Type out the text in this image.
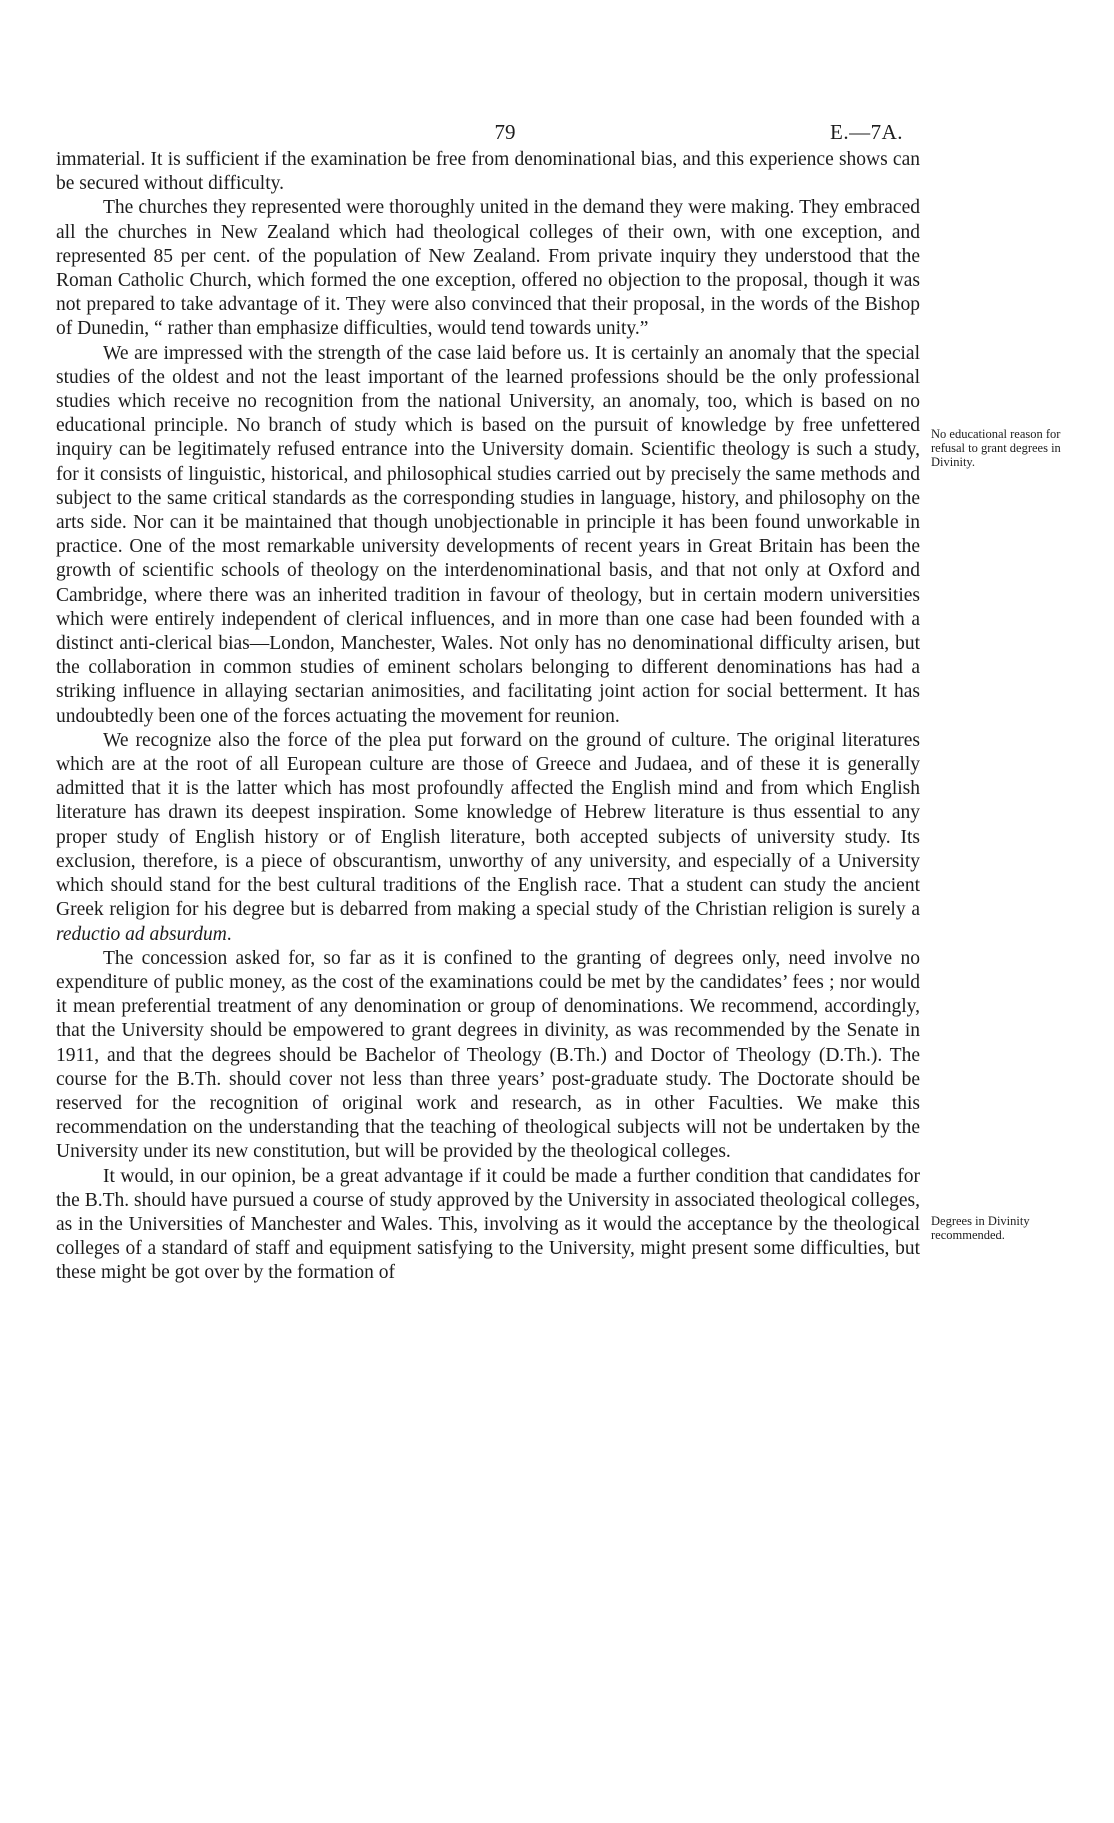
79	E.—7A.

immaterial. It is sufficient if the examination be free from denominational bias, and this experience shows can be secured without difficulty.

The churches they represented were thoroughly united in the demand they were making. They embraced all the churches in New Zealand which had theological colleges of their own, with one exception, and represented 85 per cent. of the population of New Zealand. From private inquiry they understood that the Roman Catholic Church, which formed the one exception, offered no objection to the proposal, though it was not prepared to take advantage of it. They were also convinced that their proposal, in the words of the Bishop of Dunedin, “ rather than emphasize difficulties, would tend towards unity.”

We are impressed with the strength of the case laid before us. It is certainly an anomaly that the special studies of the oldest and not the least important of the learned professions should be the only professional studies which receive no recognition from the national University, an anomaly, too, which is based on no educational principle. No branch of study which is based on the pursuit of knowledge by free unfettered inquiry can be legitimately refused entrance into the University domain. Scientific theology is such a study, for it consists of linguistic, historical, and philosophical studies carried out by precisely the same methods and subject to the same critical standards as the corresponding studies in language, history, and philosophy on the arts side. Nor can it be maintained that though unobjectionable in principle it has been found unworkable in practice. One of the most remarkable university developments of recent years in Great Britain has been the growth of scientific schools of theology on the interdenominational basis, and that not only at Oxford and Cambridge, where there was an inherited tradition in favour of theology, but in certain modern universities which were entirely independent of clerical influences, and in more than one case had been founded with a distinct anti-clerical bias—London, Manchester, Wales. Not only has no denominational difficulty arisen, but the collaboration in common studies of eminent scholars belonging to different denominations has had a striking influence in allaying sectarian animosities, and facilitating joint action for social betterment. It has undoubtedly been one of the forces actuating the movement for reunion.

We recognize also the force of the plea put forward on the ground of culture. The original literatures which are at the root of all European culture are those of Greece and Judaea, and of these it is generally admitted that it is the latter which has most profoundly affected the English mind and from which English literature has drawn its deepest inspiration. Some knowledge of Hebrew literature is thus essential to any proper study of English history or of English literature, both accepted subjects of university study. Its exclusion, therefore, is a piece of obscurantism, unworthy of any university, and especially of a University which should stand for the best cultural traditions of the English race. That a student can study the ancient Greek religion for his degree but is debarred from making a special study of the Christian religion is surely a reductio ad absurdum.

The concession asked for, so far as it is confined to the granting of degrees only, need involve no expenditure of public money, as the cost of the examinations could be met by the candidates’ fees ; nor would it mean preferential treatment of any denomination or group of denominations. We recommend, accordingly, that the University should be empowered to grant degrees in divinity, as was recommended by the Senate in 1911, and that the degrees should be Bachelor of Theology (B.Th.) and Doctor of Theology (D.Th.). The course for the B.Th. should cover not less than three years’ post-graduate study. The Doctorate should be reserved for the recognition of original work and research, as in other Faculties. We make this recommendation on the understanding that the teaching of theological subjects will not be undertaken by the University under its new constitution, but will be provided by the theological colleges.

It would, in our opinion, be a great advantage if it could be made a further condition that candidates for the B.Th. should have pursued a course of study approved by the University in associated theological colleges, as in the Universities of Manchester and Wales. This, involving as it would the acceptance by the theological colleges of a standard of staff and equipment satisfying to the University, might present some difficulties, but these might be got over by the formation of

No educational reason for refusal to grant degrees in Divinity.
Degrees in Divinity recommended.
